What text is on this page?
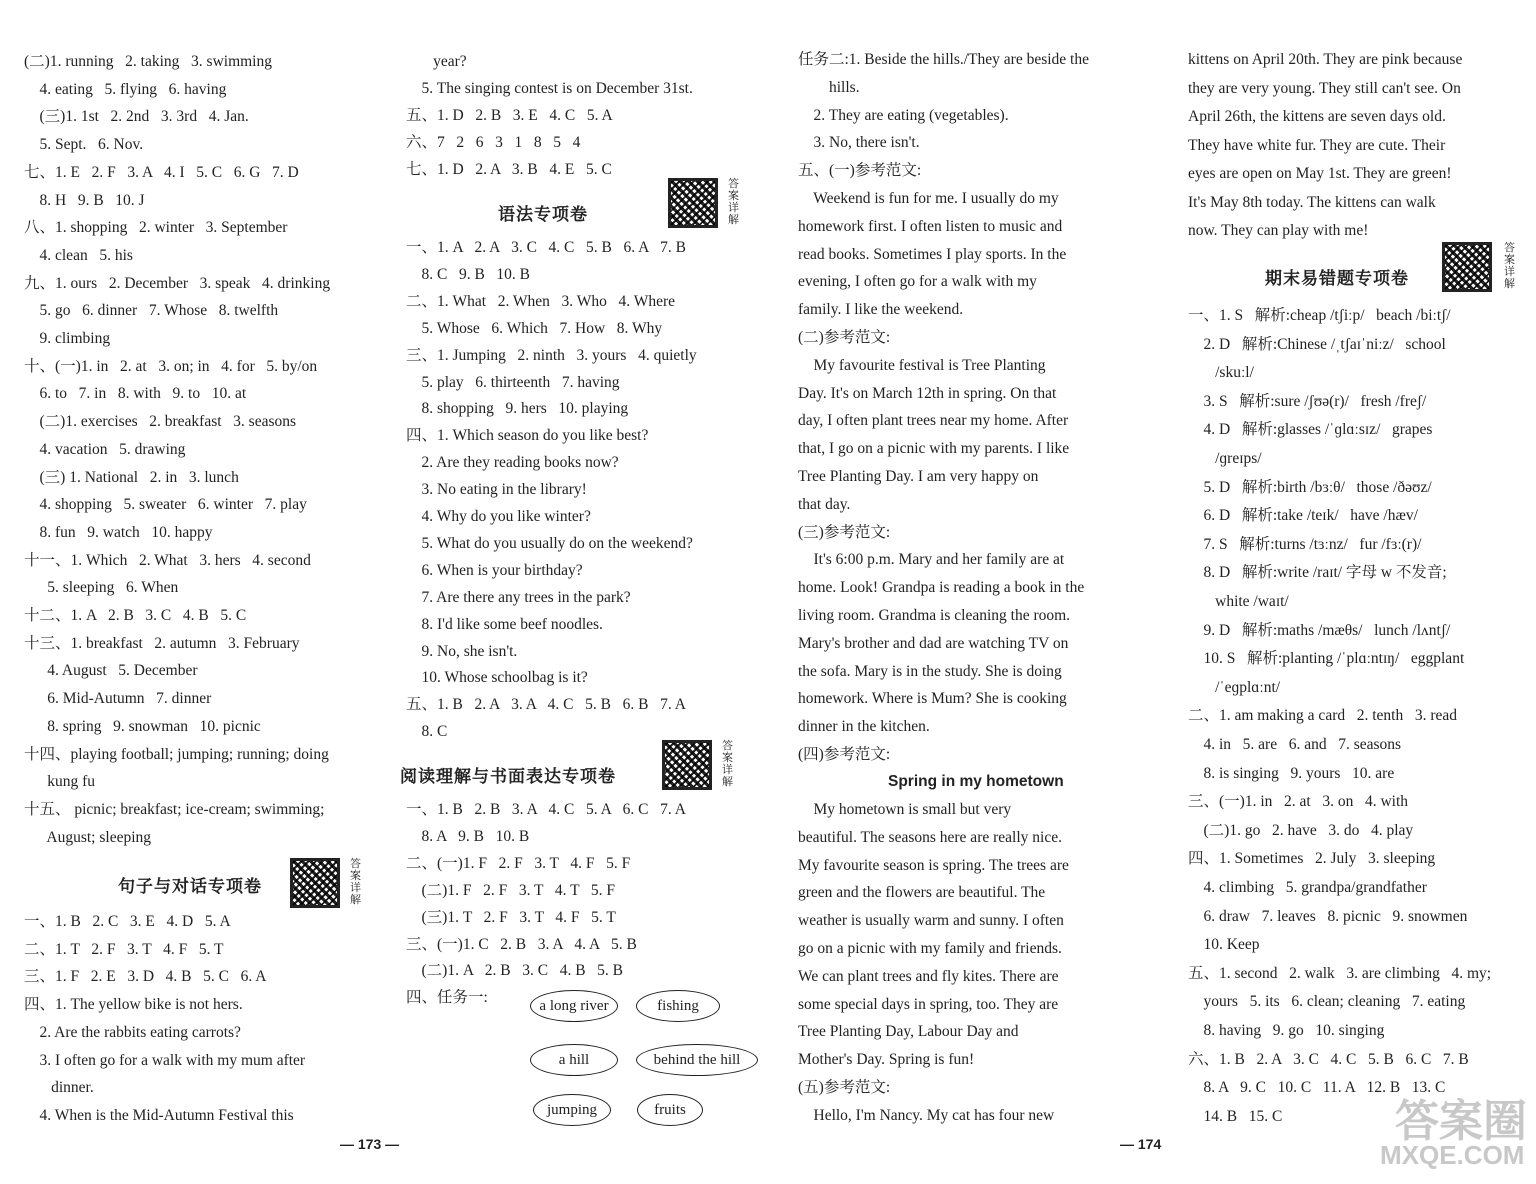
(二)1. running   2. taking   3. swimming
4. eating   5. flying   6. having
(三)1. 1st   2. 2nd   3. 3rd   4. Jan.
5. Sept.   6. Nov.
七、1. E   2. F   3. A   4. I   5. C   6. G   7. D
8. H   9. B   10. J
八、1. shopping   2. winter   3. September
4. clean   5. his
九、1. ours   2. December   3. speak   4. drinking
5. go   6. dinner   7. Whose   8. twelfth
9. climbing
十、(一)1. in   2. at   3. on; in   4. for   5. by/on
6. to   7. in   8. with   9. to   10. at
(二)1. exercises   2. breakfast   3. seasons
4. vacation   5. drawing
(三) 1. National   2. in   3. lunch
4. shopping   5. sweater   6. winter   7. play
8. fun   9. watch   10. happy
十一、1. Which   2. What   3. hers   4. second
5. sleeping   6. When
十二、1. A   2. B   3. C   4. B   5. C
十三、1. breakfast   2. autumn   3. February
4. August   5. December
6. Mid-Autumn   7. dinner
8. spring   9. snowman   10. picnic
十四、playing football; jumping; running; doing
kung fu
十五、 picnic; breakfast; ice-cream; swimming;
August; sleeping
一、1. B   2. C   3. E   4. D   5. A
二、1. T   2. F   3. T   4. F   5. T
三、1. F   2. E   3. D   4. B   5. C   6. A
四、1. The yellow bike is not hers.
2. Are the rabbits eating carrots?
3. I often go for a walk with my mum after
dinner.
4. When is the Mid-Autumn Festival this
year?
5. The singing contest is on December 31st.
五、1. D   2. B   3. E   4. C   5. A
六、7   2   6   3   1   8   5   4
七、1. D   2. A   3. B   4. E   5. C
一、1. A   2. A   3. C   4. C   5. B   6. A   7. B
8. C   9. B   10. B
二、1. What   2. When   3. Who   4. Where
5. Whose   6. Which   7. How   8. Why
三、1. Jumping   2. ninth   3. yours   4. quietly
5. play   6. thirteenth   7. having
8. shopping   9. hers   10. playing
四、1. Which season do you like best?
2. Are they reading books now?
3. No eating in the library!
4. Why do you like winter?
5. What do you usually do on the weekend?
6. When is your birthday?
7. Are there any trees in the park?
8. I'd like some beef noodles.
9. No, she isn't.
10. Whose schoolbag is it?
五、1. B   2. A   3. A   4. C   5. B   6. B   7. A
8. C
一、1. B   2. B   3. A   4. C   5. A   6. C   7. A
8. A   9. B   10. B
二、(一)1. F   2. F   3. T   4. F   5. F
(二)1. F   2. F   3. T   4. T   5. F
(三)1. T   2. F   3. T   4. F   5. T
三、(一)1. C   2. B   3. A   4. A   5. B
(二)1. A   2. B   3. C   4. B   5. B
四、任务一:
任务二:1. Beside the hills./They are beside the
hills.
2. They are eating (vegetables).
3. No, there isn't.
五、(一)参考范文:
Weekend is fun for me. I usually do my
homework first. I often listen to music and
read books. Sometimes I play sports. In the
evening, I often go for a walk with my
family. I like the weekend.
(二)参考范文:
My favourite festival is Tree Planting
Day. It's on March 12th in spring. On that
day, I often plant trees near my home. After
that, I go on a picnic with my parents. I like
Tree Planting Day. I am very happy on
that day.
(三)参考范文:
It's 6:00 p.m. Mary and her family are at
home. Look! Grandpa is reading a book in the
living room. Grandma is cleaning the room.
Mary's brother and dad are watching TV on
the sofa. Mary is in the study. She is doing
homework. Where is Mum? She is cooking
dinner in the kitchen.
(四)参考范文:
Spring in my hometown
My hometown is small but very
beautiful. The seasons here are really nice.
My favourite season is spring. The trees are
green and the flowers are beautiful. The
weather is usually warm and sunny. I often
go on a picnic with my family and friends.
We can plant trees and fly kites. There are
some special days in spring, too. They are
Tree Planting Day, Labour Day and
Mother's Day. Spring is fun!
(五)参考范文:
Hello, I'm Nancy. My cat has four new
kittens on April 20th. They are pink because
they are very young. They still can't see. On
April 26th, the kittens are seven days old.
They have white fur. They are cute. Their
eyes are open on May 1st. They are green!
It's May 8th today. The kittens can walk
now. They can play with me!
一、1. S   解析:cheap /tʃiːp/   beach /biːtʃ/
2. D   解析:Chinese /ˌtʃaɪˈniːz/   school
/skuːl/
3. S   解析:sure /ʃʊə(r)/   fresh /freʃ/
4. D   解析:glasses /ˈɡlɑːsɪz/   grapes
/ɡreɪps/
5. D   解析:birth /bɜːθ/   those /ðəʊz/
6. D   解析:take /teɪk/   have /hæv/
7. S   解析:turns /tɜːnz/   fur /fɜː(r)/
8. D   解析:write /raɪt/ 字母 w 不发音;
white /waɪt/
9. D   解析:maths /mæθs/   lunch /lʌntʃ/
10. S   解析:planting /ˈplɑːntɪŋ/   eggplant
/ˈeɡplɑːnt/
二、1. am making a card   2. tenth   3. read
4. in   5. are   6. and   7. seasons
8. is singing   9. yours   10. are
三、(一)1. in   2. at   3. on   4. with
(二)1. go   2. have   3. do   4. play
四、1. Sometimes   2. July   3. sleeping
4. climbing   5. grandpa/grandfather
6. draw   7. leaves   8. picnic   9. snowmen
10. Keep
五、1. second   2. walk   3. are climbing   4. my;
yours   5. its   6. clean; cleaning   7. eating
8. having   9. go   10. singing
六、1. B   2. A   3. C   4. C   5. B   6. C   7. B
8. A   9. C   10. C   11. A   12. B   13. C
14. B   15. C
句子与对话专项卷
答案详解
语法专项卷
答案详解
阅读理解与书面表达专项卷
答案详解
期末易错题专项卷
答案详解
a long river	fishing
a hill	behind the hill
jumping	fruits
— 173 —	— 174	答案圈
MXQE.COM
